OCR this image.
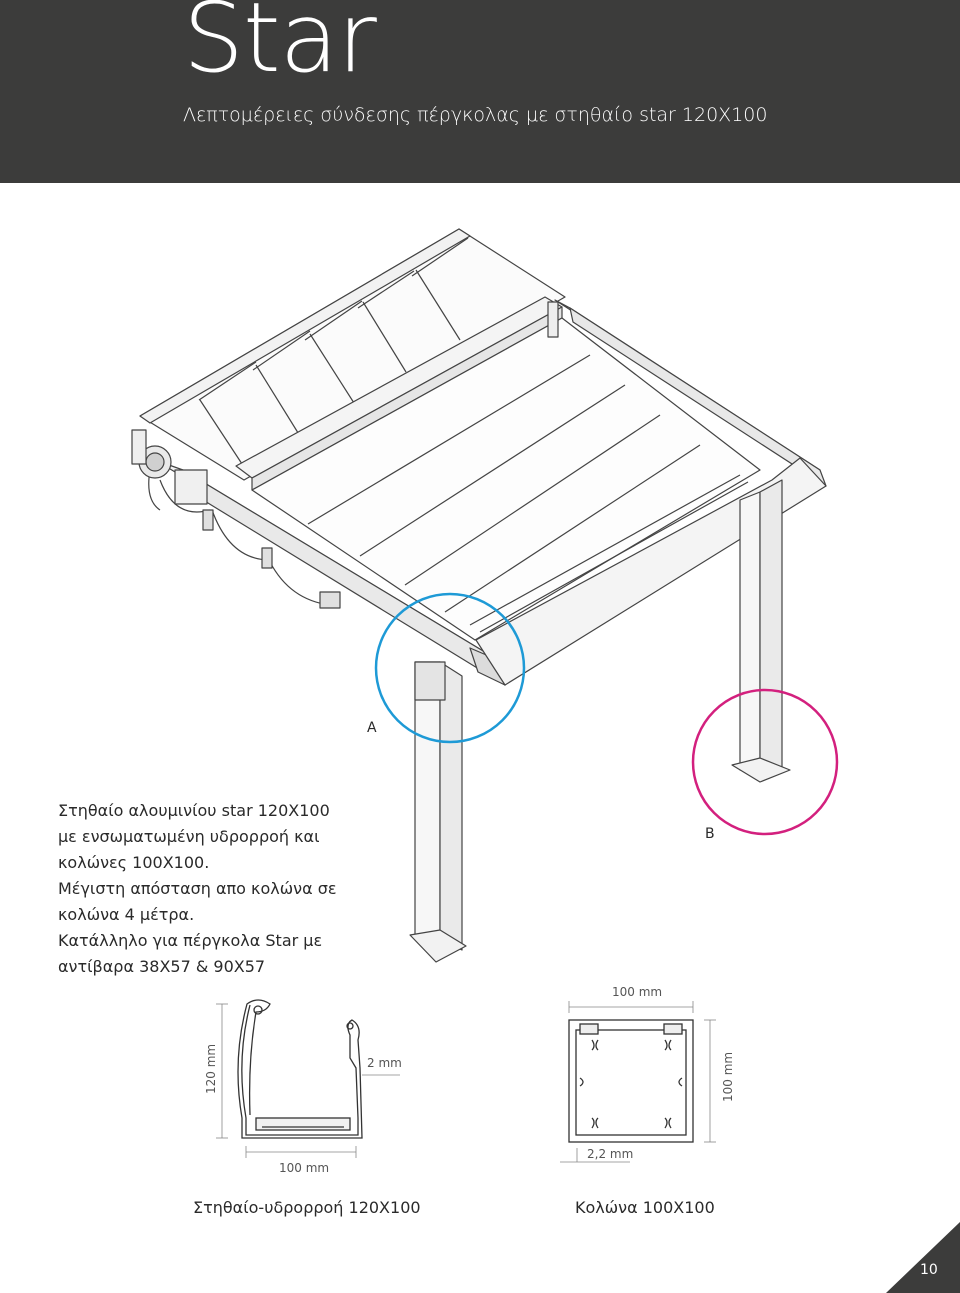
Star
Λεπτομέρειες σύνδεσης πέργκολας με στηθαίο star 120Χ100
A
B
Στηθαίο αλουμινίου star 120Χ100
με ενσωματωμένη υδρορροή και
κολώνες 100Χ100.
Μέγιστη απόσταση απο κολώνα σε
κολώνα 4 μέτρα.
Κατάλληλο για πέργκολα Star με
αντίβαρα 38Χ57 & 90Χ57
120 mm
100 mm
2 mm
Στηθαίο-υδρορροή 120Χ100
100 mm
100 mm
2,2 mm
Κολώνα 100Χ100
10
